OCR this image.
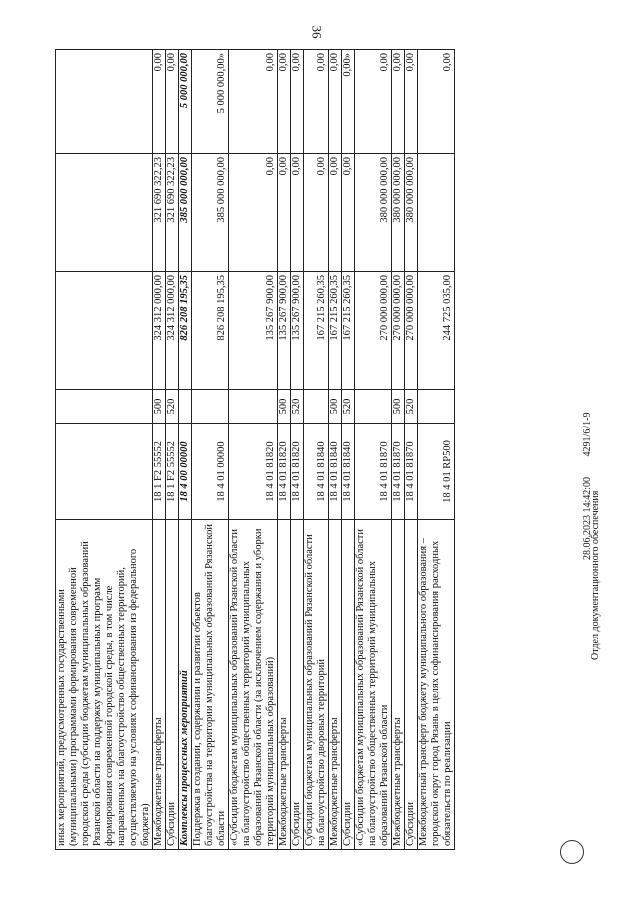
36
иных мероприятий, предусмотренных государственными (муниципальными) программами формирования современной городской среды (субсидии бюджетам муниципальных образований Рязанской области на поддержку муниципальных программ формирования современной городской среды, в том числе направленных на благоустройство общественных территорий, осуществляемую на условиях софинансирования из федерального бюджета)					
Межбюджетные трансферты	18 1 F2 55552	500	324 312 000,00	321 690 322,23	0,00
Субсидии	18 1 F2 55552	520	324 312 000,00	321 690 322,23	0,00
Комплексы процессных мероприятий	18 4 00 00000		826 208 195,35	385 000 000,00	5 000 000,00
Поддержка в создании, содержании и развитии объектов благоустройства на территории муниципальных образований Рязанской области	18 4 01 00000		826 208 195,35	385 000 000,00	5 000 000,00»
«Субсидии бюджетам муниципальных образований Рязанской области на благоустройство общественных территорий муниципальных образований Рязанской области (за исключением содержания и уборки территорий муниципальных образований)	18 4 01 81820		135 267 900,00	0,00	0,00
Межбюджетные трансферты	18 4 01 81820	500	135 267 900,00	0,00	0,00
Субсидии	18 4 01 81820	520	135 267 900,00	0,00	0,00
Субсидии бюджетам муниципальных образований Рязанской области на благоустройство дворовых территорий	18 4 01 81840		167 215 260,35	0,00	0,00
Межбюджетные трансферты	18 4 01 81840	500	167 215 260,35	0,00	0,00
Субсидии	18 4 01 81840	520	167 215 260,35	0,00	0,00»
«Субсидии бюджетам муниципальных образований Рязанской области на благоустройство общественных территорий муниципальных образований Рязанской области	18 4 01 81870		270 000 000,00	380 000 000,00	0,00
Межбюджетные трансферты	18 4 01 81870	500	270 000 000,00	380 000 000,00	0,00
Субсидии	18 4 01 81870	520	270 000 000,00	380 000 000,00	0,00
Межбюджетный трансферт бюджету муниципального образования – городской округ город Рязань в целях софинансирования расходных обязательств по реализации	18 4 01 RP500		244 725 035,00		0,00
Отдел документационного обеспечения
28.06.2023 14:42:00 4291/6/1-9
